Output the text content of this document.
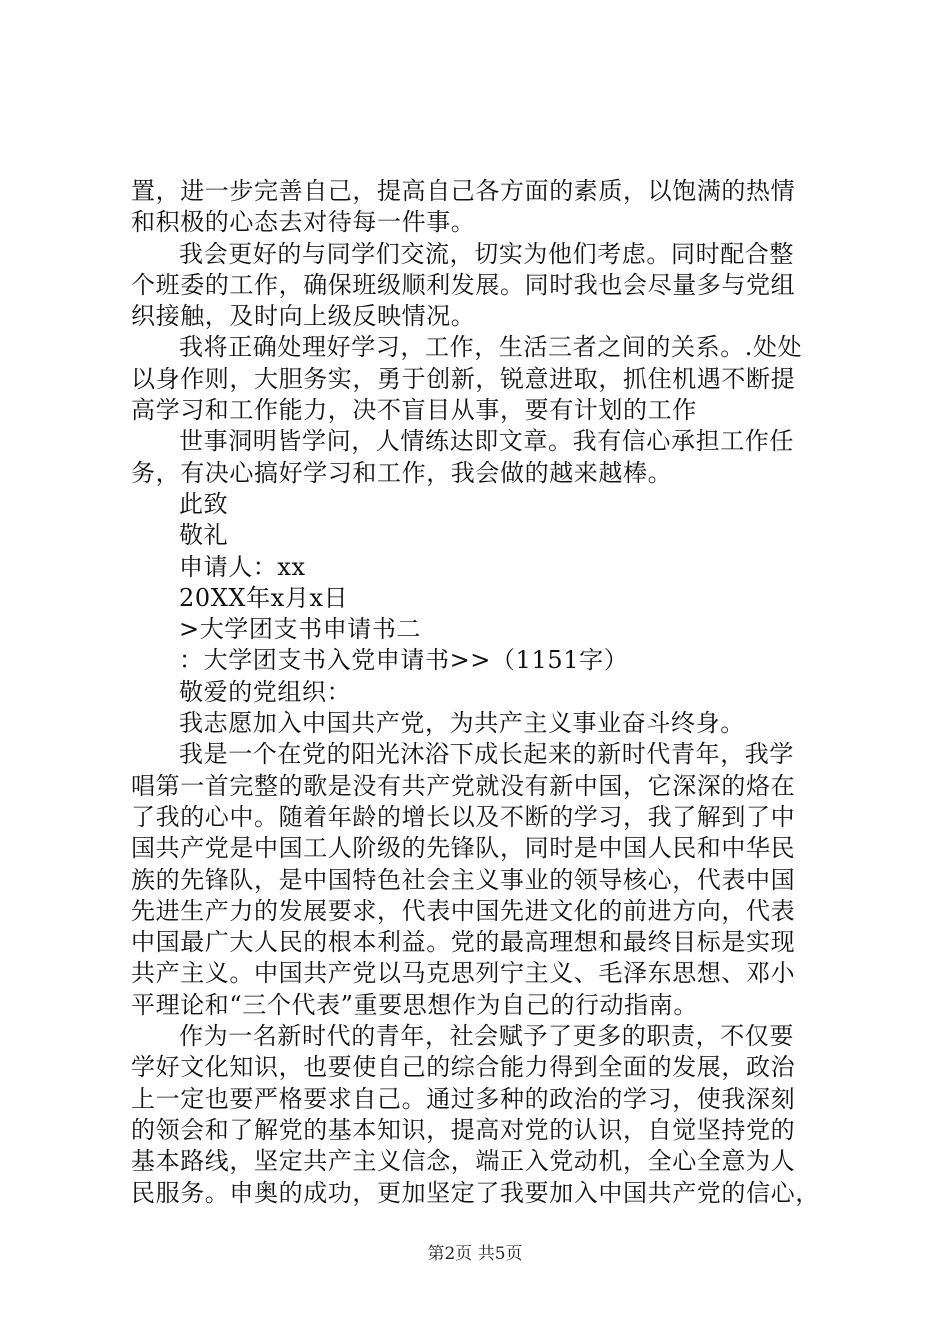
置，进一步完善自己，提高自己各方面的素质，以饱满的热情
和积极的心态去对待每一件事。
我会更好的与同学们交流，切实为他们考虑。同时配合整
个班委的工作，确保班级顺利发展。同时我也会尽量多与党组
织接触，及时向上级反映情况。
我将正确处理好学习，工作，生活三者之间的关系。.处处
以身作则，大胆务实，勇于创新，锐意进取，抓住机遇不断提
高学习和工作能力，决不盲目从事，要有计划的工作
世事洞明皆学问，人情练达即文章。我有信心承担工作任
务，有决心搞好学习和工作，我会做的越来越棒。
此致
敬礼
申请人：xx
20XX年x月x日
>大学团支书申请书二
：大学团支书入党申请书>>（1151字）
敬爱的党组织：
我志愿加入中国共产党，为共产主义事业奋斗终身。
我是一个在党的阳光沐浴下成长起来的新时代青年，我学
唱第一首完整的歌是没有共产党就没有新中国，它深深的烙在
了我的心中。随着年龄的增长以及不断的学习，我了解到了中
国共产党是中国工人阶级的先锋队，同时是中国人民和中华民
族的先锋队，是中国特色社会主义事业的领导核心，代表中国
先进生产力的发展要求，代表中国先进文化的前进方向，代表
中国最广大人民的根本利益。党的最高理想和最终目标是实现
共产主义。中国共产党以马克思列宁主义、毛泽东思想、邓小
平理论和“三个代表”重要思想作为自己的行动指南。
作为一名新时代的青年，社会赋予了更多的职责，不仅要
学好文化知识，也要使自己的综合能力得到全面的发展，政治
上一定也要严格要求自己。通过多种的政治的学习，使我深刻
的领会和了解党的基本知识，提高对党的认识，自觉坚持党的
基本路线，坚定共产主义信念，端正入党动机，全心全意为人
民服务。申奥的成功，更加坚定了我要加入中国共产党的信心，
第2页 共5页
